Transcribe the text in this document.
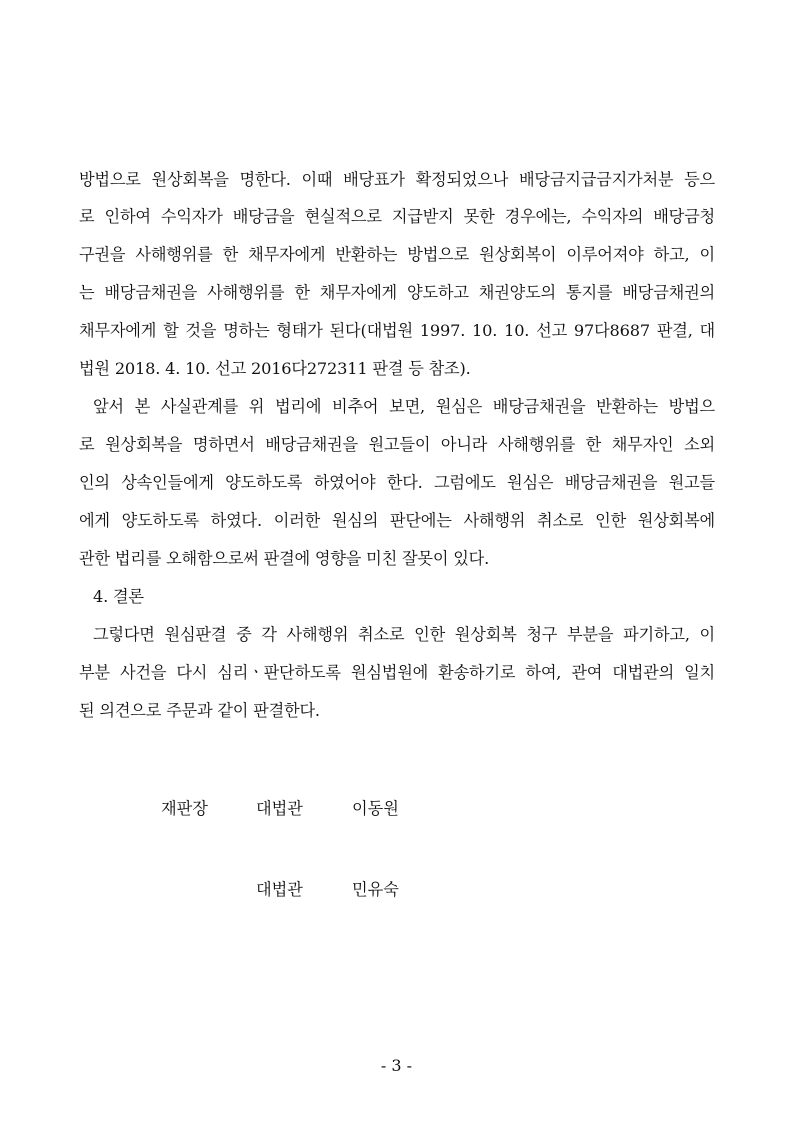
방법으로 원상회복을 명한다. 이때 배당표가 확정되었으나 배당금지급금지가처분 등으
로 인하여 수익자가 배당금을 현실적으로 지급받지 못한 경우에는, 수익자의 배당금청
구권을 사해행위를 한 채무자에게 반환하는 방법으로 원상회복이 이루어져야 하고, 이
는 배당금채권을 사해행위를 한 채무자에게 양도하고 채권양도의 통지를 배당금채권의
채무자에게 할 것을 명하는 형태가 된다(대법원 1997. 10. 10. 선고 97다8687 판결, 대
법원 2018. 4. 10. 선고 2016다272311 판결 등 참조).
앞서 본 사실관계를 위 법리에 비추어 보면, 원심은 배당금채권을 반환하는 방법으
로 원상회복을 명하면서 배당금채권을 원고들이 아니라 사해행위를 한 채무자인 소외
인의 상속인들에게 양도하도록 하였어야 한다. 그럼에도 원심은 배당금채권을 원고들
에게 양도하도록 하였다. 이러한 원심의 판단에는 사해행위 취소로 인한 원상회복에
관한 법리를 오해함으로써 판결에 영향을 미친 잘못이 있다.
4. 결론
그렇다면 원심판결 중 각 사해행위 취소로 인한 원상회복 청구 부분을 파기하고, 이
부분 사건을 다시 심리ㆍ판단하도록 원심법원에 환송하기로 하여, 관여 대법관의 일치
된 의견으로 주문과 같이 판결한다.
재판장	대법관	이동원
대법관	민유숙
- 3 -
